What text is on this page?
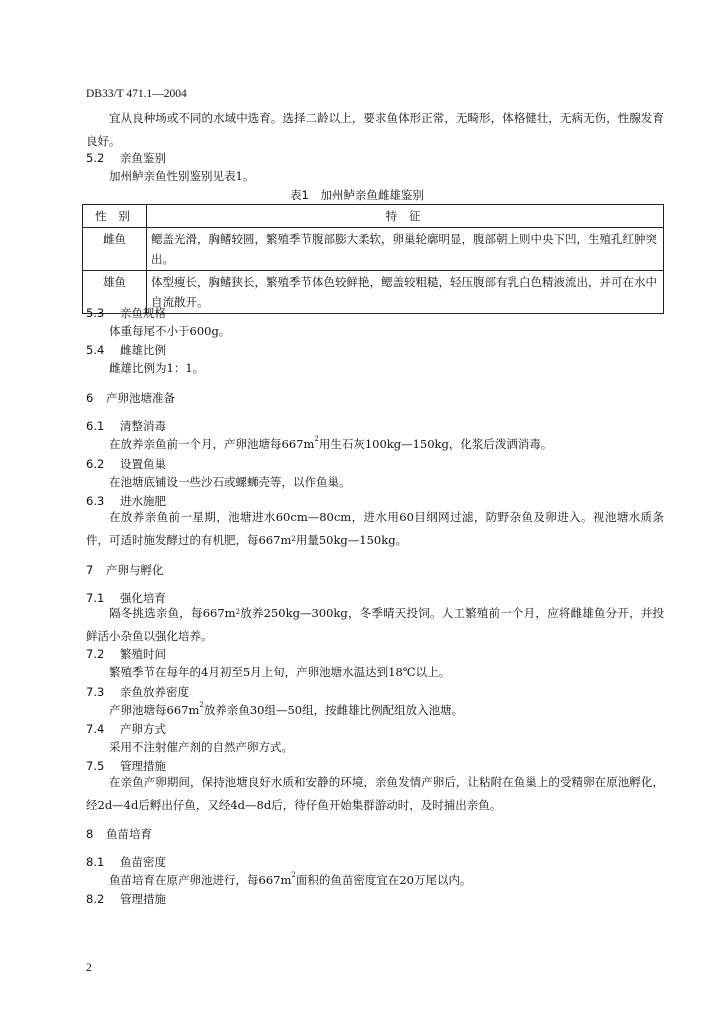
DB33/T 471.1—2004
宜从良种场或不同的水域中选育。选择二龄以上，要求鱼体形正常，无畸形，体格健壮，无病无伤，性腺发育良好。
5.2 亲鱼鉴别
加州鲈亲鱼性别鉴别见表1。
表1　加州鲈亲鱼雌雄鉴别
性 别	特 征
雌鱼	鳃盖光滑，胸鳍较圆，繁殖季节腹部膨大柔软，卵巢轮廓明显，腹部朝上则中央下凹，生殖孔红肿突出。
雄鱼	体型瘦长，胸鳍狭长，繁殖季节体色较鲜艳，鳃盖较粗糙，轻压腹部有乳白色精液流出，并可在水中自流散开。
5.3 亲鱼规格
体重每尾不小于600g。
5.4 雌雄比例
雌雄比例为1：1。
6 产卵池塘准备
6.1 清整消毒
在放养亲鱼前一个月，产卵池塘每$667m^2$用生石灰100kg—150kg，化浆后泼洒消毒。
6.2 设置鱼巢
在池塘底铺设一些沙石或螺蛳壳等，以作鱼巢。
6.3 进水施肥
在放养亲鱼前一星期，池塘进水60cm—80cm，进水用60目纲网过滤，防野杂鱼及卵进入。视池塘水质条件，可适时施发酵过的有机肥，每$667m^2$用量50kg—150kg。
7 产卵与孵化
7.1 强化培育
隔冬挑选亲鱼，每$667m^2$放养250kg—300kg，冬季晴天投饲。人工繁殖前一个月，应将雌雄鱼分开，并投鲜活小杂鱼以强化培养。
7.2 繁殖时间
繁殖季节在每年的4月初至5月上旬，产卵池塘水温达到18℃以上。
7.3 亲鱼放养密度
产卵池塘每$667m^2$放养亲鱼30组—50组，按雌雄比例配组放入池塘。
7.4 产卵方式
采用不注射催产剂的自然产卵方式。
7.5 管理措施
在亲鱼产卵期间，保持池塘良好水质和安静的环境，亲鱼发情产卵后，让粘附在鱼巢上的受精卵在原池孵化，经2d—4d后孵出仔鱼，又经4d—8d后，待仔鱼开始集群游动时，及时捕出亲鱼。
8 鱼苗培育
8.1 鱼苗密度
鱼苗培育在原产卵池进行，每$667m^2$面积的鱼苗密度宜在20万尾以内。
8.2 管理措施
2
